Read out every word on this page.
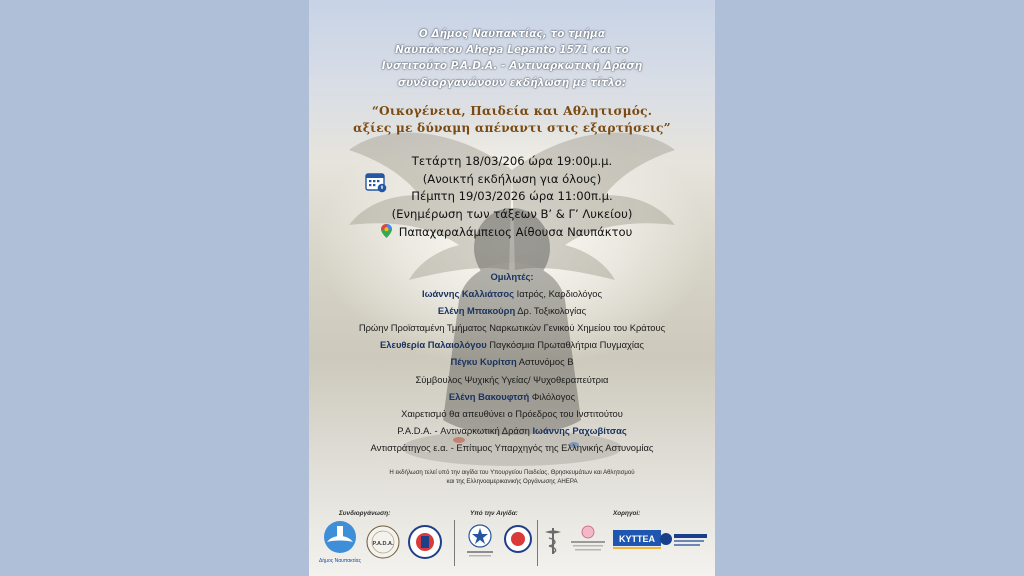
Ο Δήμος Ναυπακτίας, το τμήμα
Ναυπάκτου Ahepa Lepanto 1571 και το
Ινστιτούτο P.A.D.A. - Αντιναρκωτική Δράση
συνδιοργανώνουν εκδήλωση με τίτλο:
“Οικογένεια, Παιδεία και Αθλητισμός.
αξίες με δύναμη απέναντι στις εξαρτήσεις”
Τετάρτη 18/03/206 ώρα 19:00μ.μ.
(Ανοικτή εκδήλωση για όλους)
Πέμπτη 19/03/2026 ώρα 11:00π.μ.
(Ενημέρωση των τάξεων Β’ & Γ’ Λυκείου)
Παπαχαραλάμπειος Αίθουσα Ναυπάκτου
Ομιλητές:
Ιωάννης Καλλιάτσος Ιατρός, Καρδιολόγος
Ελένη Μπακούρη Δρ. Τοξικολογίας
Πρώην Προϊσταμένη Τμήματος Ναρκωτικών Γενικού Χημείου του Κράτους
Ελευθερία Παλαιολόγου Παγκόσμια Πρωταθλήτρια Πυγμαχίας
Πέγκυ Κυρίτση Αστυνόμος Β
Σύμβουλος Ψυχικής Υγείας/ Ψυχοθεραπεύτρια
Ελένη Βακουφτσή Φιλόλογος
Χαιρετισμό θα απευθύνει ο Πρόεδρος του Ινστιτούτου
P.A.D.A. - Αντιναρκωτική Δράση Ιωάννης Ραχωβίτσας
Αντιστράτηγος ε.α. - Επίτιμος Υπαρχηγός της Ελληνικής Αστυνομίας
Η εκδήλωση τελεί υπό την αιγίδα του Υπουργείου Παιδείας, Θρησκευμάτων και Αθλητισμού
και της Ελληνοαμερικανικής Οργάνωσης AHEPA
Συνδιοργάνωση:	Υπό την Αιγίδα:	Χορηγοί:
Δήμος Ναυπακτίας
P.A.D.A.	ΚΥΤΤΕΑ
